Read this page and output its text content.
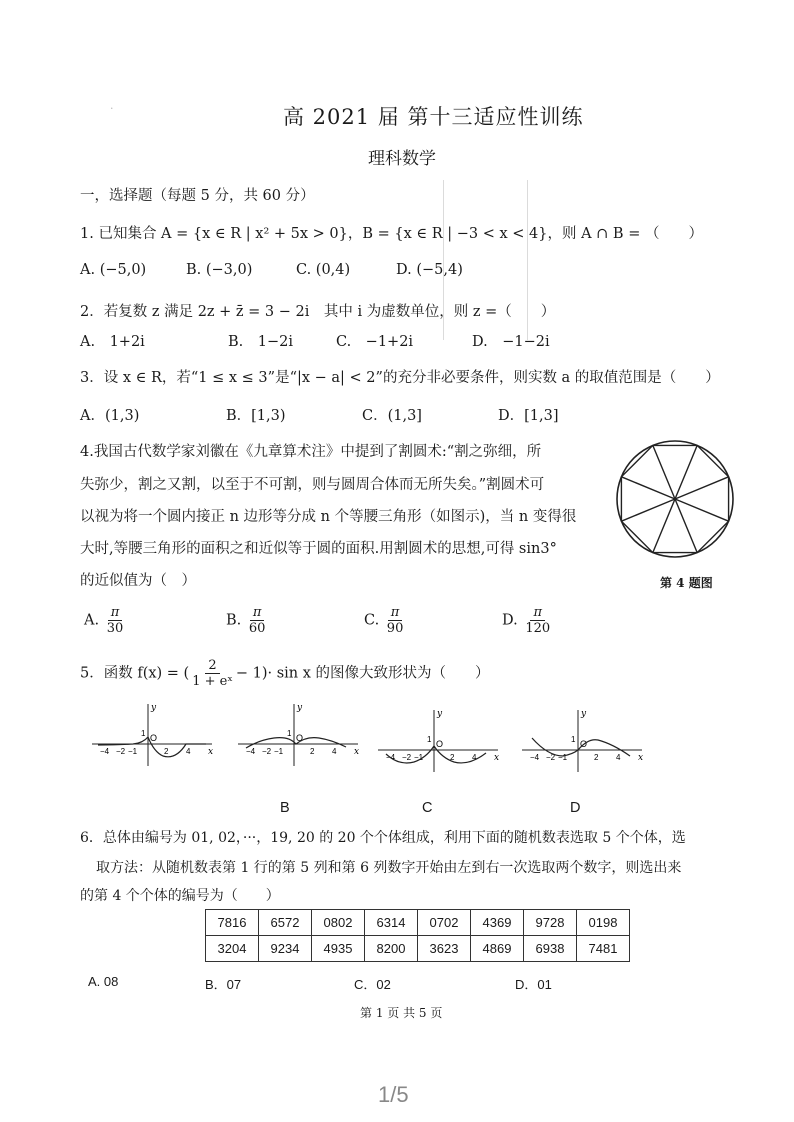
·	高 2021 届 第十三适应性训练
理科数学
一，选择题（每题 5 分，共 60 分）
1. 已知集合 A = {x ∈ R | x² + 5x > 0}，B = {x ∈ R | −3 < x < 4}，则 A ∩ B = （　　）
A. (−5,0)	B. (−3,0)	C. (0,4)	D. (−5,4)
2．若复数 z 满足 2z + z̄ = 3 − 2i　其中 i 为虚数单位，则 z =（　　）
A.　1+2i	B.　1−2i	C.　−1+2i	D.　−1−2i
3．设 x ∈ R，若“1 ≤ x ≤ 3”是“|x − a| < 2”的充分非必要条件，则实数 a 的取值范围是（　　）
A．(1,3)	B．[1,3)	C．(1,3]	D．[1,3]
4.我国古代数学家刘徽在《九章算术注》中提到了割圆术:“割之弥细，所
失弥少，割之又割，以至于不可割，则与圆周合体而无所失矣。”割圆术可
以视为将一个圆内接正 n 边形等分成 n 个等腰三角形（如图示)，当 n 变得很
大时,等腰三角形的面积之和近似等于圆的面积.用割圆术的思想,可得 sin3°
的近似值为（　）	第 4 题图
A. $\frac{\pi}{30}$	B. $\frac{\pi}{60}$	C. $\frac{\pi}{90}$	D. $\frac{\pi}{120}$
5．函数 f(x) = ( $\frac{2}{\text{1 + eˣ}} - 1)\cdot \sin x$ 的图像大致形状为（　　）
y
x
O
1
−4 −2 −1	2 4
y
x
O
1
−4 −2 −1	2 4
y
x
O
1
−4 −2 −1	2 4
y
x
O
1
−4 −2 −1	2 4
B	C	D
6．总体由编号为 01, 02，···，19, 20 的 20 个个体组成，利用下面的随机数表选取 5 个个体，选
取方法：从随机数表第 1 行的第 5 列和第 6 列数字开始由左到右一次选取两个数字，则选出来
的第 4 个个体的编号为（　　）
7816	6572	0802	6314	0702	4369	9728	0198
3204	9234	4935	8200	3623	4869	6938	7481
A. 08	B．07	C．02	D．01
第 1 页 共 5 页
1/5
